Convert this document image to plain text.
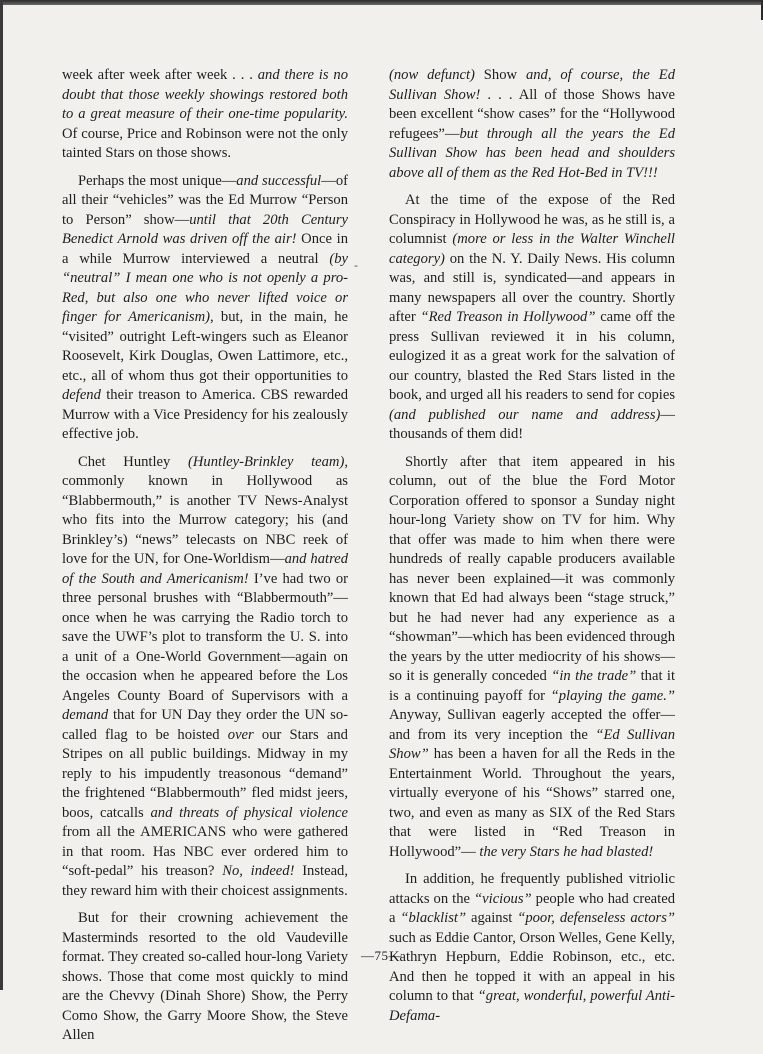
week after week after week . . . and there is no doubt that those weekly showings restored both to a great measure of their one-time popularity. Of course, Price and Robinson were not the only tainted Stars on those shows.

Perhaps the most unique—and successful—of all their “vehicles” was the Ed Murrow “Person to Person” show—until that 20th Century Benedict Arnold was driven off the air! Once in a while Murrow interviewed a neutral (by “neutral” I mean one who is not openly a pro-Red, but also one who never lifted voice or finger for Americanism), but, in the main, he “visited” outright Left-wingers such as Eleanor Roosevelt, Kirk Douglas, Owen Lattimore, etc., etc., all of whom thus got their opportunities to defend their treason to America. CBS rewarded Murrow with a Vice Presidency for his zealously effective job.

Chet Huntley (Huntley-Brinkley team), commonly known in Hollywood as “Blabbermouth,” is another TV News-Analyst who fits into the Murrow category; his (and Brinkley’s) “news” telecasts on NBC reek of love for the UN, for One-Worldism—and hatred of the South and Americanism! I’ve had two or three personal brushes with “Blabbermouth”—once when he was carrying the Radio torch to save the UWF’s plot to transform the U. S. into a unit of a One-World Government—again on the occasion when he appeared before the Los Angeles County Board of Supervisors with a demand that for UN Day they order the UN so-called flag to be hoisted over our Stars and Stripes on all public buildings. Midway in my reply to his impudently treasonous “demand” the frightened “Blabbermouth” fled midst jeers, boos, catcalls and threats of physical violence from all the AMERICANS who were gathered in that room. Has NBC ever ordered him to “soft-pedal” his treason? No, indeed! Instead, they reward him with their choicest assignments.

But for their crowning achievement the Masterminds resorted to the old Vaudeville format. They created so-called hour-long Variety shows. Those that come most quickly to mind are the Chevvy (Dinah Shore) Show, the Perry Como Show, the Garry Moore Show, the Steve Allen

(now defunct) Show and, of course, the Ed Sullivan Show! . . . All of those Shows have been excellent “show cases” for the “Hollywood refugees”—but through all the years the Ed Sullivan Show has been head and shoulders above all of them as the Red Hot-Bed in TV!!!

At the time of the expose of the Red Conspiracy in Hollywood he was, as he still is, a columnist (more or less in the Walter Winchell category) on the N. Y. Daily News. His column was, and still is, syndicated—and appears in many newspapers all over the country. Shortly after “Red Treason in Hollywood” came off the press Sullivan reviewed it in his column, eulogized it as a great work for the salvation of our country, blasted the Red Stars listed in the book, and urged all his readers to send for copies (and published our name and address)—thousands of them did!

Shortly after that item appeared in his column, out of the blue the Ford Motor Corporation offered to sponsor a Sunday night hour-long Variety show on TV for him. Why that offer was made to him when there were hundreds of really capable producers available has never been explained—it was commonly known that Ed had always been “stage struck,” but he had never had any experience as a “showman”—which has been evidenced through the years by the utter mediocrity of his shows—so it is generally conceded “in the trade” that it is a continuing payoff for “playing the game.” Anyway, Sullivan eagerly accepted the offer—and from its very inception the “Ed Sullivan Show” has been a haven for all the Reds in the Entertainment World. Throughout the years, virtually everyone of his “Shows” starred one, two, and even as many as SIX of the Red Stars that were listed in “Red Treason in Hollywood”— the very Stars he had blasted!

In addition, he frequently published vitriolic attacks on the “vicious” people who had created a “blacklist” against “poor, defenseless actors” such as Eddie Cantor, Orson Welles, Gene Kelly, Kathryn Hepburn, Eddie Robinson, etc., etc. And then he topped it with an appeal in his column to that “great, wonderful, powerful Anti-Defama-

-
—75—
